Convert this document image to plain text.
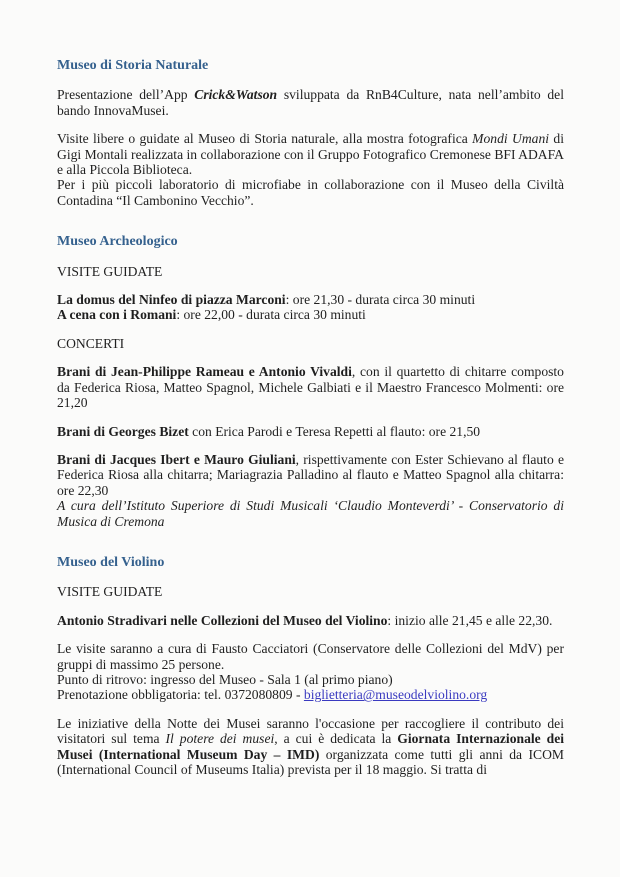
Museo di Storia Naturale

Presentazione dell’App Crick&Watson sviluppata da RnB4Culture, nata nell’ambito del bando InnovaMusei.

Visite libere o guidate al Museo di Storia naturale, alla mostra fotografica Mondi Umani di Gigi Montali realizzata in collaborazione con il Gruppo Fotografico Cremonese BFI ADAFA e alla Piccola Biblioteca.

Per i più piccoli laboratorio di microfiabe in collaborazione con il Museo della Civiltà Contadina “Il Cambonino Vecchio”.

Museo Archeologico

VISITE GUIDATE

La domus del Ninfeo di piazza Marconi: ore 21,30 - durata circa 30 minuti
A cena con i Romani: ore 22,00 - durata circa 30 minuti

CONCERTI

Brani di Jean-Philippe Rameau e Antonio Vivaldi, con il quartetto di chitarre composto da Federica Riosa, Matteo Spagnol, Michele Galbiati e il Maestro Francesco Molmenti: ore 21,20

Brani di Georges Bizet con Erica Parodi e Teresa Repetti al flauto: ore 21,50

Brani di Jacques Ibert e Mauro Giuliani, rispettivamente con Ester Schievano al flauto e Federica Riosa alla chitarra; Mariagrazia Palladino al flauto e Matteo Spagnol alla chitarra: ore 22,30

A cura dell’Istituto Superiore di Studi Musicali ‘Claudio Monteverdi’ - Conservatorio di Musica di Cremona

Museo del Violino

VISITE GUIDATE

Antonio Stradivari nelle Collezioni del Museo del Violino: inizio alle 21,45 e alle 22,30.

Le visite saranno a cura di Fausto Cacciatori (Conservatore delle Collezioni del MdV) per gruppi di massimo 25 persone.
Punto di ritrovo: ingresso del Museo - Sala 1 (al primo piano)
Prenotazione obbligatoria: tel. 0372080809 - biglietteria@museodelviolino.org

Le iniziative della Notte dei Musei saranno l'occasione per raccogliere il contributo dei visitatori sul tema Il potere dei musei, a cui è dedicata la Giornata Internazionale dei Musei (International Museum Day – IMD) organizzata come tutti gli anni da ICOM (International Council of Museums Italia) prevista per il 18 maggio. Si tratta di
